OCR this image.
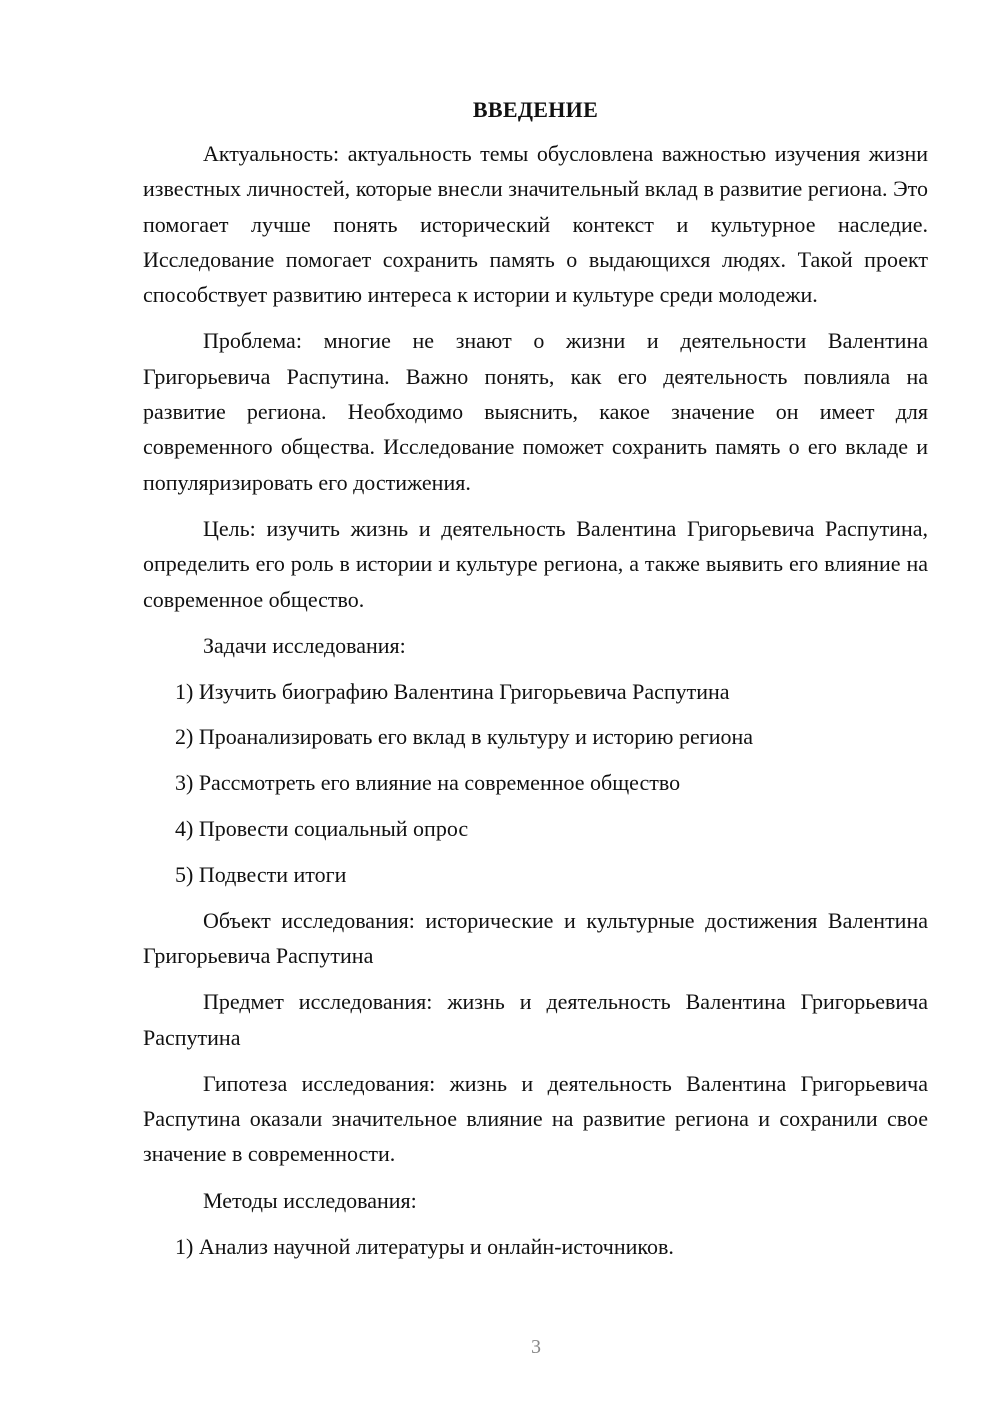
ВВЕДЕНИЕ

Актуальность: актуальность темы обусловлена важностью изучения жизни известных личностей, которые внесли значительный вклад в развитие региона. Это помогает лучше понять исторический контекст и культурное наследие. Исследование помогает сохранить память о выдающихся людях. Такой проект способствует развитию интереса к истории и культуре среди молодежи.

Проблема: многие не знают о жизни и деятельности Валентина Григорьевича Распутина. Важно понять, как его деятельность повлияла на развитие региона. Необходимо выяснить, какое значение он имеет для современного общества. Исследование поможет сохранить память о его вкладе и популяризировать его достижения.

Цель: изучить жизнь и деятельность Валентина Григорьевича Распутина, определить его роль в истории и культуре региона, а также выявить его влияние на современное общество.

Задачи исследования:
1) Изучить биографию Валентина Григорьевича Распутина
2) Проанализировать его вклад в культуру и историю региона
3) Рассмотреть его влияние на современное общество
4) Провести социальный опрос
5) Подвести итоги

Объект исследования: исторические и культурные достижения Валентина Григорьевича Распутина

Предмет исследования: жизнь и деятельность Валентина Григорьевича Распутина

Гипотеза исследования: жизнь и деятельность Валентина Григорьевича Распутина оказали значительное влияние на развитие региона и сохранили свое значение в современности.

Методы исследования:
1) Анализ научной литературы и онлайн-источников.
3
